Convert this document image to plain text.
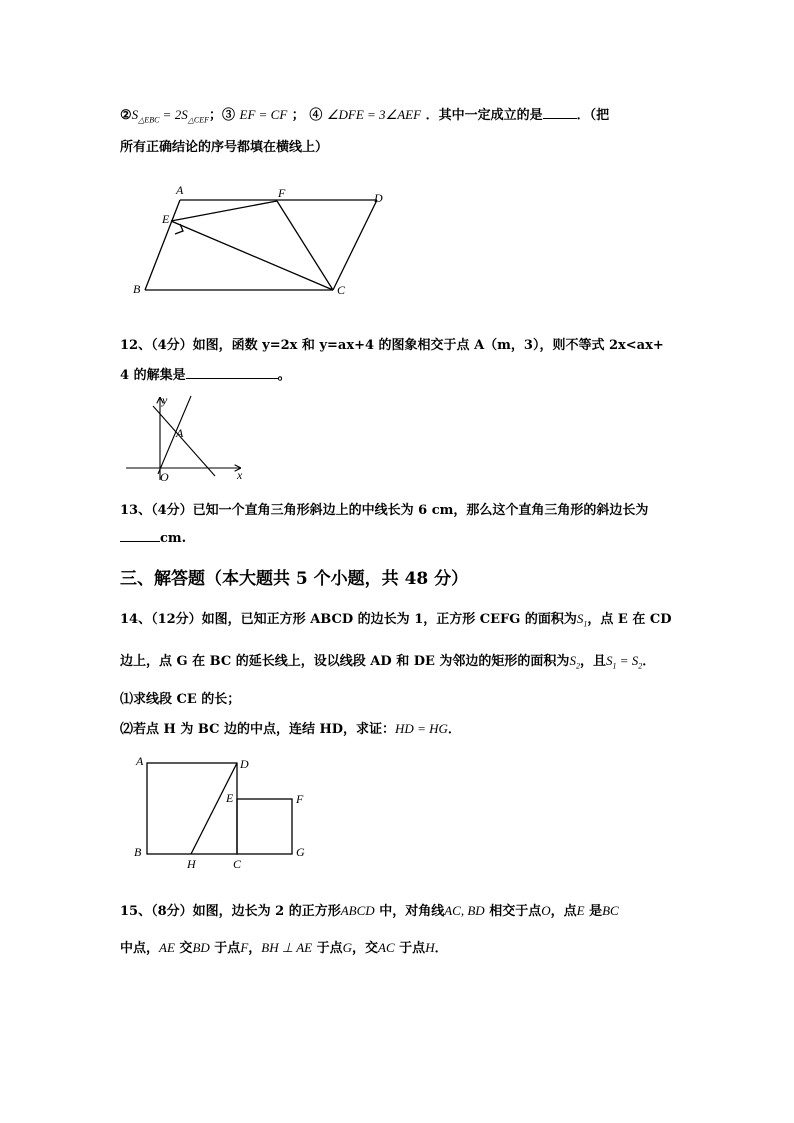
$②S_{\triangle EBC} = 2S_{\triangle CEF}$；③ EF = CF ； ④ ∠DFE = 3∠AEF ．其中一定成立的是	．（把
所有正确结论的序号都填在横线上）
A	F	D
E
B	C
12、（4分）如图，函数 y=2x 和 y=ax+4 的图象相交于点 A（m，3），则不等式 2x<ax+
4 的解集是	。
y
A
O	x
13、（4分）已知一个直角三角形斜边上的中线长为 6 cm，那么这个直角三角形的斜边长为
cm.
三、解答题（本大题共 5 个小题，共 48 分）
14、（12分）如图，已知正方形 ABCD 的边长为 1，正方形 CEFG 的面积为$S_1$，点 E 在 CD
边上，点 G 在 BC 的延长线上，设以线段 AD 和 DE 为邻边的矩形的面积为$S_2$，且$S_1 = S_2$．
⑴求线段 CE 的长；
⑵若点 H 为 BC 边的中点，连结 HD，求证：HD = HG．
A	D
E	F
B
H	C
G
15、（8分）如图，边长为 2 的正方形ABCD 中，对角线AC, BD 相交于点O，点E 是BC
中点，AE 交BD 于点F，BH ⊥ AE 于点G，交AC 于点H．
